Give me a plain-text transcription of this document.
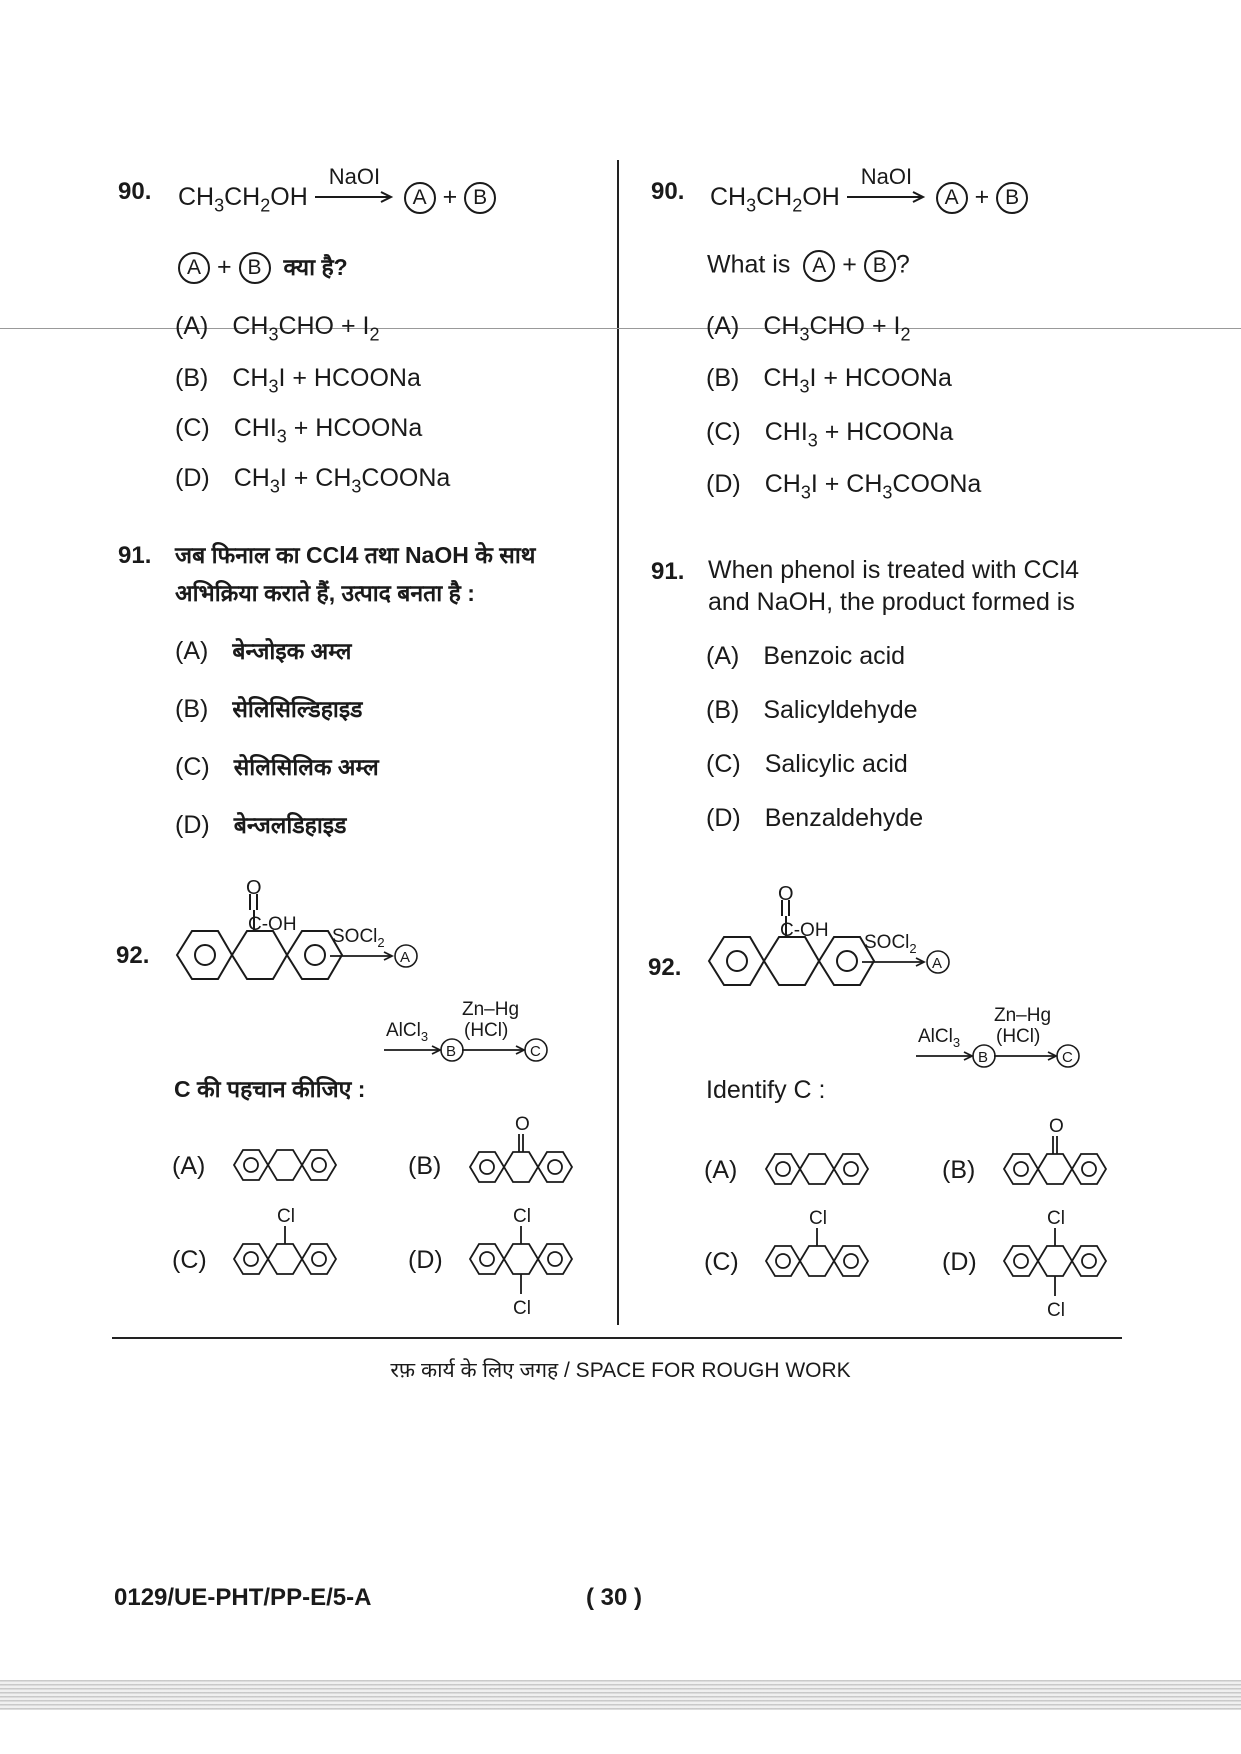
90. $CH_3CH_2OH$
NaOI
A + B
A + B क्या है?
(A) $CH_3CHO + I_2$
(B) $CH_3I$ + HCOONa
(C) $CHI_3$ + HCOONa
(D) $CH_3I$ + $CH_3COONa$
91. जब फिनाल का CCl4 तथा NaOH के साथ
अभिक्रिया कराते हैं, उत्पाद बनता है :
(A) बेन्जोइक अम्ल
(B) सेलिसिल्डिहाइड
(C) सेलिसिलिक अम्ल
(D) बेन्जलडिहाइड
92.
O
C-OH
SOCl$_2$
A
AlCl$_3$
B
Zn–Hg
(HCl)
C
C की पहचान कीजिए :
(A)	(B)
O
(C)
Cl
(D)
Cl
Cl
90. $CH_3CH_2OH$
NaOI
A + B
What is A + B ?
(A) $CH_3CHO + I_2$
(B) $CH_3I$ + HCOONa
(C) $CHI_3$ + HCOONa
(D) $CH_3I$ + $CH_3COONa$
91. When phenol is treated with CCl4
and NaOH, the product formed is
(A) Benzoic acid
(B) Salicyldehyde
(C) Salicylic acid
(D) Benzaldehyde
92.
O
C-OH
SOCl$_2$
A
AlCl$_3$
B
Zn–Hg
(HCl)
C
Identify C :
(A)	(B)
O
(C)
Cl
(D)
Cl
Cl
रफ़ कार्य के लिए जगह / SPACE FOR ROUGH WORK
0129/UE-PHT/PP-E/5-A	( 30 )
